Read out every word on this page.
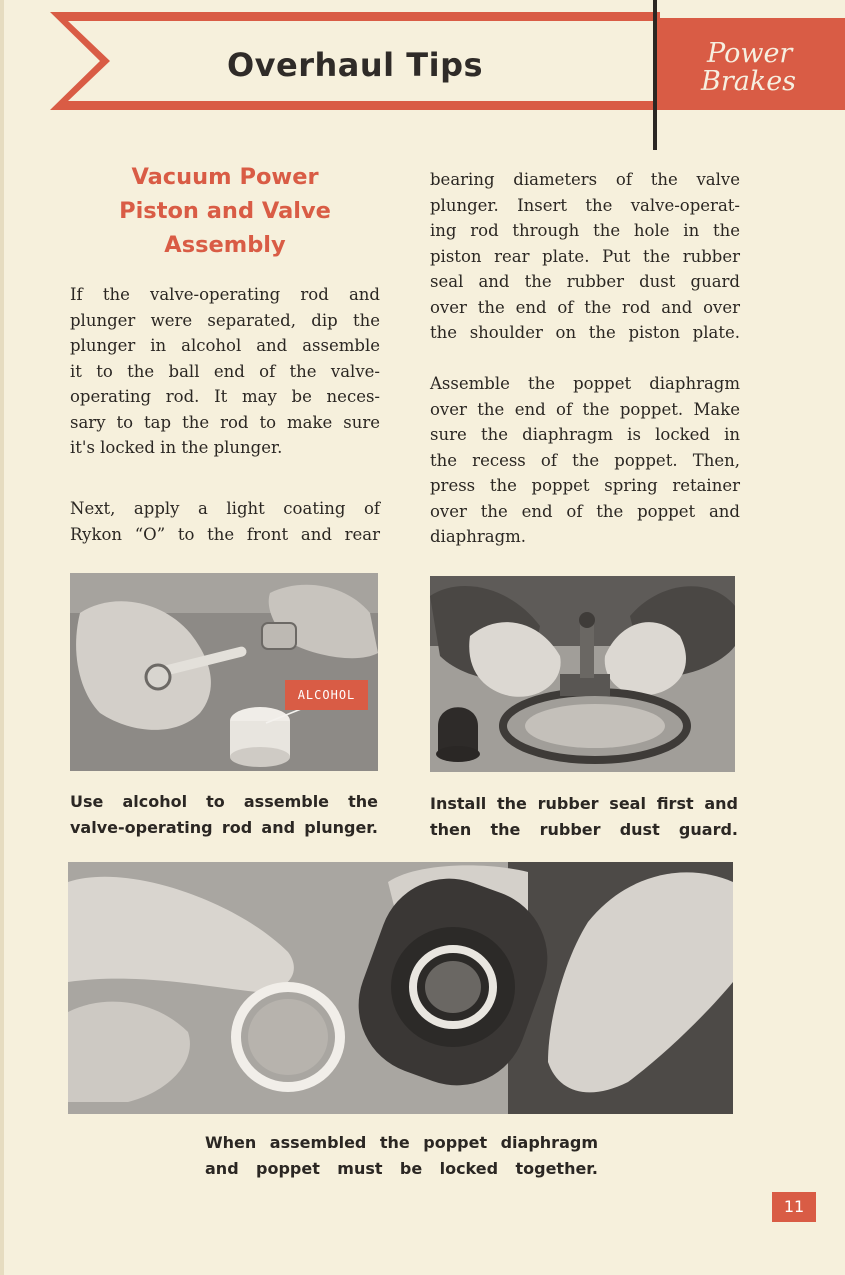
Overhaul Tips	Power
Brakes
Vacuum Power
Piston and Valve
Assembly
If the valve-operating rod and
plunger were separated, dip the
plunger in alcohol and assemble
it to the ball end of the valve-
operating rod. It may be neces-
sary to tap the rod to make sure
it's locked in the plunger.
Next, apply a light coating of
Rykon “O” to the front and rear
bearing diameters of the valve
plunger. Insert the valve-operat-
ing rod through the hole in the
piston rear plate. Put the rubber
seal and the rubber dust guard
over the end of the rod and over
the shoulder on the piston plate.
Assemble the poppet diaphragm
over the end of the poppet. Make
sure the diaphragm is locked in
the recess of the poppet. Then,
press the poppet spring retainer
over the end of the poppet and
diaphragm.
ALCOHOL
Use alcohol to assemble the
valve-operating rod and plunger.
Install the rubber seal first and
then the rubber dust guard.
When assembled the poppet diaphragm
and poppet must be locked together.
11
